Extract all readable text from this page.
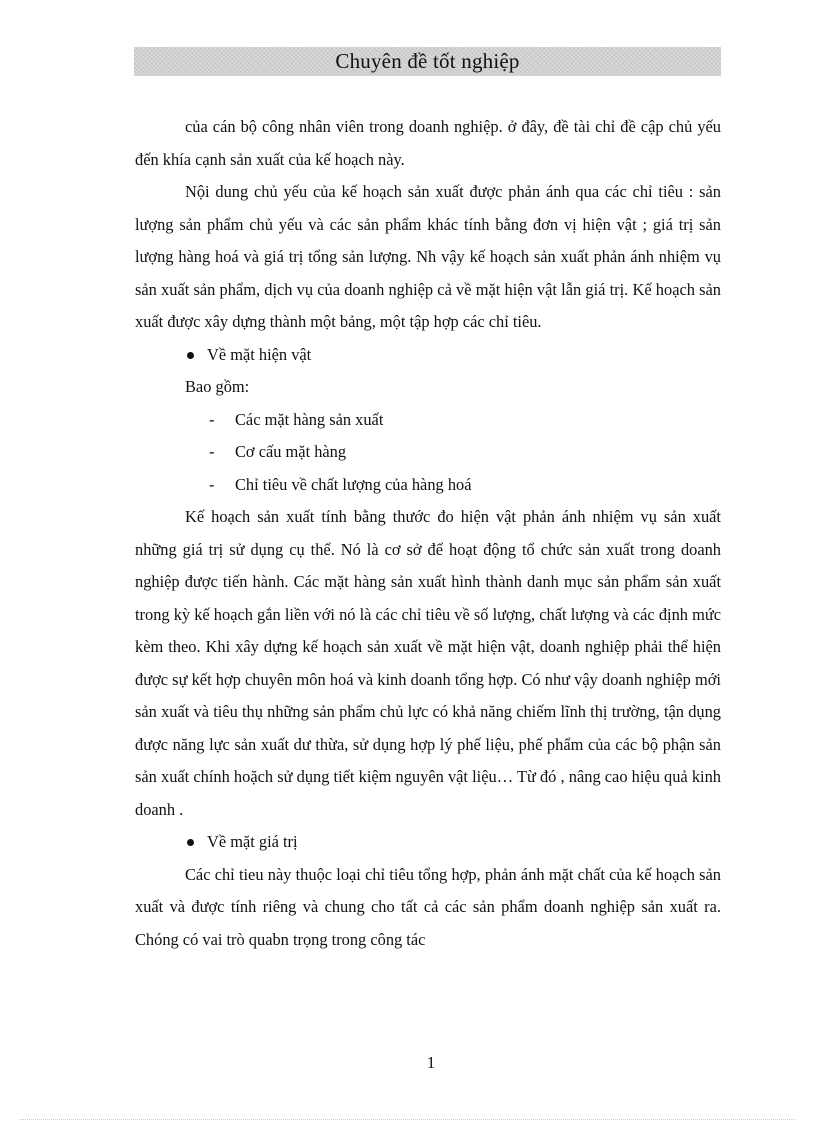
Chuyên đề tốt nghiệp

của cán bộ công nhân viên trong doanh nghiệp. ở đây, đề tài chỉ đề cập chủ yếu đến khía cạnh sản xuất của kế hoạch này.

Nội dung chủ yếu của kế hoạch sản xuất được phản ánh qua các chỉ tiêu : sản lượng sản phẩm chủ yếu và các sản phẩm khác tính bằng đơn vị hiện vật ; giá trị sản lượng hàng hoá và giá trị tổng sản lượng. Nh vậy kế hoạch sản xuất phản ánh nhiệm vụ sản xuất sản phẩm, dịch vụ của doanh nghiệp cả về mặt hiện vật lẫn giá trị. Kế hoạch sản xuất được xây dựng thành một bảng, một tập hợp các chỉ tiêu.

Về mặt hiện vật

Bao gồm:

- Các mặt hàng sản xuất

- Cơ cấu mặt hàng

- Chỉ tiêu về chất lượng của hàng hoá

Kế hoạch sản xuất tính bằng thước đo hiện vật phản ánh nhiệm vụ sản xuất những giá trị sử dụng cụ thể. Nó là cơ sở để hoạt động tổ chức sản xuất trong doanh nghiệp được tiến hành. Các mặt hàng sản xuất hình thành danh mục sản phẩm sản xuất trong kỳ kế hoạch gắn liền với nó là các chỉ tiêu về số lượng, chất lượng và các định mức kèm theo. Khi xây dựng kế hoạch sản xuất về mặt hiện vật, doanh nghiệp phải thể hiện được sự kết hợp chuyên môn hoá và kinh doanh tổng hợp. Có như vậy doanh nghiệp mới sản xuất và tiêu thụ những sản phẩm chủ lực có khả năng chiếm lĩnh thị trường, tận dụng được năng lực sản xuất dư thừa, sử dụng hợp lý phế liệu, phế phẩm của các bộ phận sản sản xuất chính hoặch sử dụng tiết kiệm nguyên vật liệu… Từ đó , nâng cao hiệu quả kinh doanh .

Về mặt giá trị

Các chỉ tieu này thuộc loại chỉ tiêu tổng hợp, phản ánh mặt chất của kế hoạch sản xuất và được tính riêng và chung cho tất cả các sản phẩm doanh nghiệp sản xuất ra. Chóng có vai trò quabn trọng trong công tác

1
